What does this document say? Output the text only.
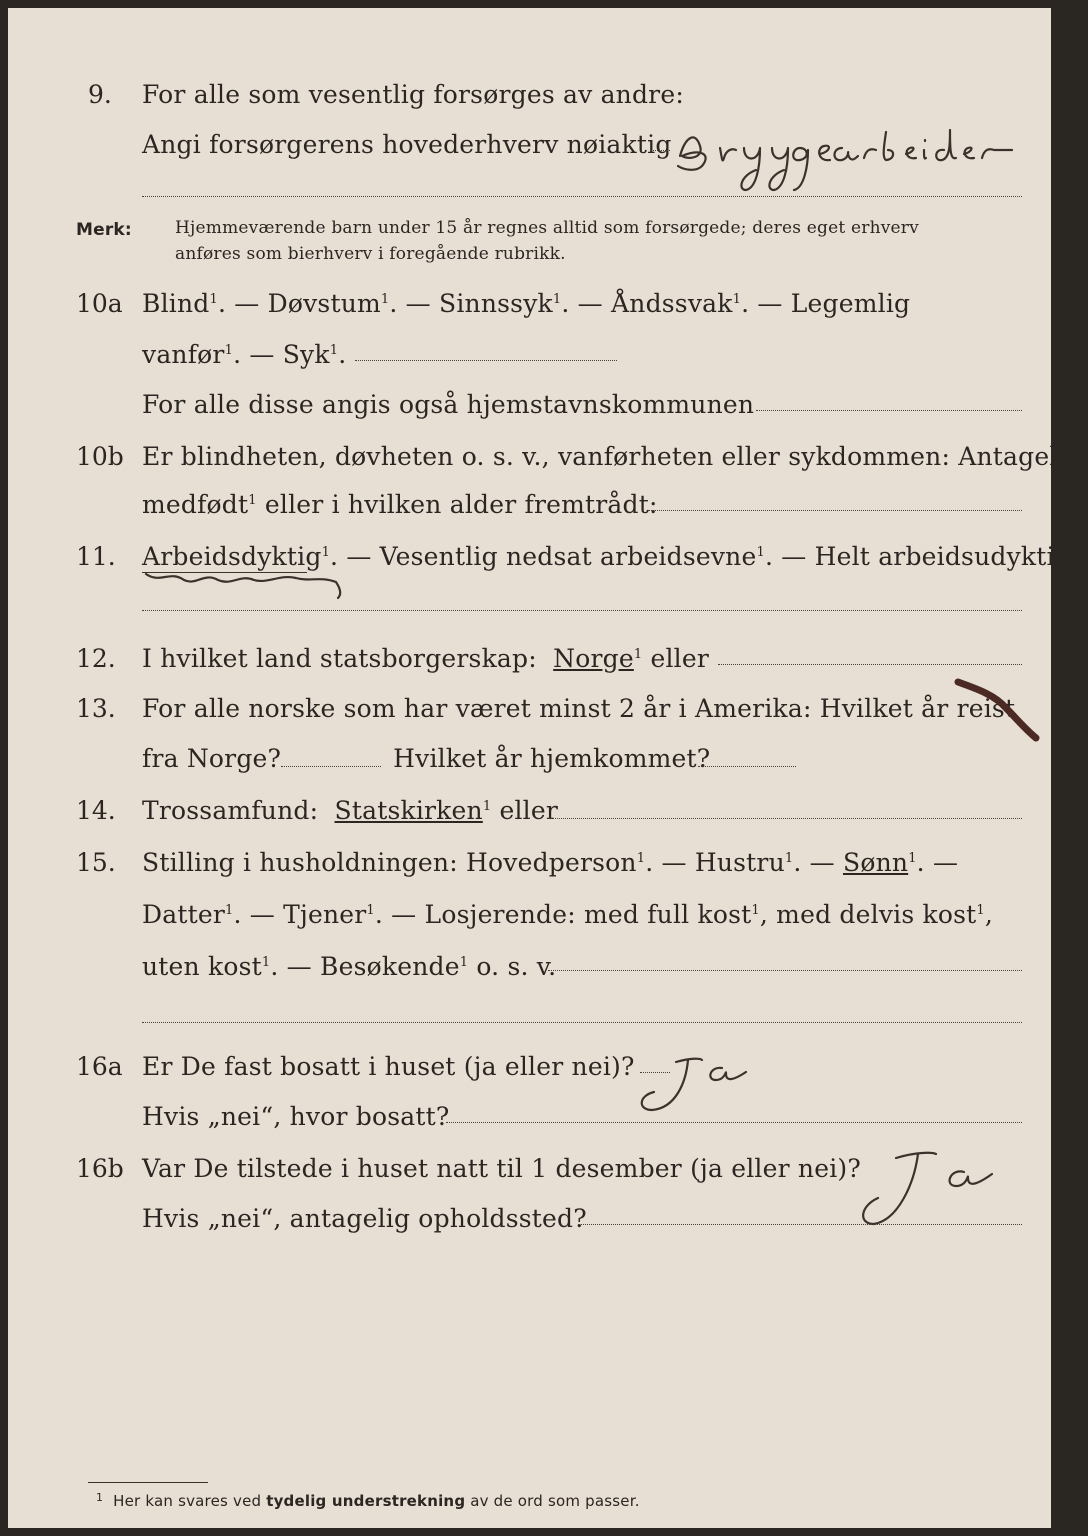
9. For alle som vesentlig forsørges av andre:
Angi forsørgerens hovederhverv nøiaktig
Merk:	Hjemmeværende barn under 15 år regnes alltid som forsørgede; deres eget erhverv
anføres som bierhverv i foregående rubrikk.
10a Blind$^1$. — Døvstum$^1$. — Sinnssyk$^1$. — Åndssvak$^1$. — Legemlig
vanfør$^1$. — Syk$^1$.
For alle disse angis også hjemstavnskommunen
10b Er blindheten, døvheten o. s. v., vanførheten eller sykdommen: Antagelig
medfødt$^1$ eller i hvilken alder fremtrådt:
11. Arbeidsdyktig$^1$. — Vesentlig nedsat arbeidsevne$^1$. — Helt arbeidsudyktig$^1$.
12. I hvilket land statsborgerskap: Norge$^1$ eller
13. For alle norske som har været minst 2 år i Amerika: Hvilket år reist
fra Norge?	Hvilket år hjemkommet?
14. Trossamfund: Statskirken$^1$ eller
15. Stilling i husholdningen: Hovedperson$^1$. — Hustru$^1$. — Sønn$^1$. —
Datter$^1$. — Tjener$^1$. — Losjerende: med full kost$^1$, med delvis kost$^1$,
uten kost$^1$. — Besøkende$^1$ o. s. v.
16a Er De fast bosatt i huset (ja eller nei)?
Hvis „nei“, hvor bosatt?
16b Var De tilstede i huset natt til 1 desember (ja eller nei)?
Hvis „nei“, antagelig opholdssted?
$^1$ Her kan svares ved tydelig understrekning av de ord som passer.
